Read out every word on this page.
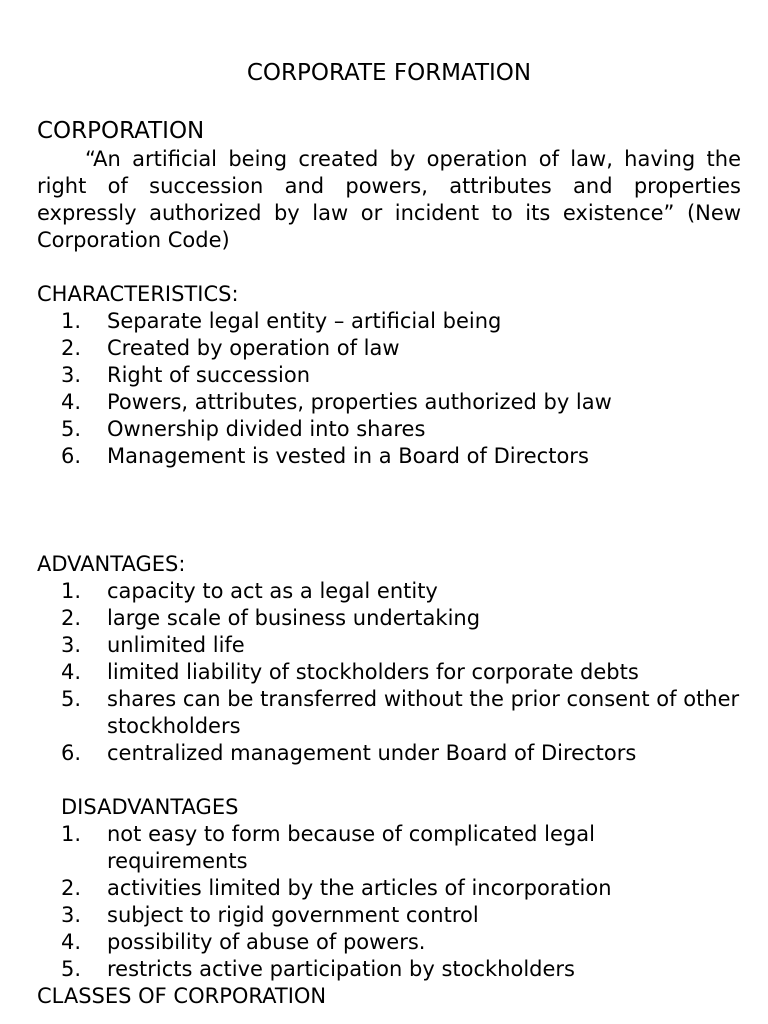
CORPORATE FORMATION
CORPORATION

“An artificial being created by operation of law, having the right of succession and powers, attributes and properties expressly authorized by law or incident to its existence” (New Corporation Code)

CHARACTERISTICS:

1.	Separate legal entity – artificial being
2.	Created by operation of law
3.	Right of succession
4.	Powers, attributes, properties authorized by law
5.	Ownership divided into shares
6.	Management is vested in a Board of Directors

ADVANTAGES:

1.	capacity to act as a legal entity
2.	large scale of business undertaking
3.	unlimited life
4.	limited liability of stockholders for corporate debts
5.	shares can be transferred without the prior consent of other stockholders
6.	centralized management under Board of Directors

DISADVANTAGES

1.	not easy to form because of complicated legal requirements
2.	activities limited by the articles of incorporation
3.	subject to rigid government control
4.	possibility of abuse of powers.
5.	restricts active participation by stockholders

CLASSES OF CORPORATION
